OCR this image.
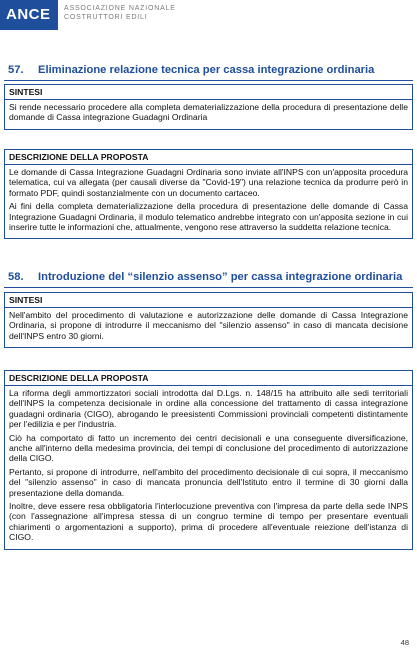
ANCE	ASSOCIAZIONE NAZIONALE
COSTRUTTORI EDILI
57. Eliminazione relazione tecnica per cassa integrazione ordinaria
SINTESI

Si rende necessario procedere alla completa dematerializzazione della procedura di presentazione delle domande di Cassa integrazione Guadagni Ordinaria

DESCRIZIONE DELLA PROPOSTA

Le domande di Cassa Integrazione Guadagni Ordinaria sono inviate all'INPS con un'apposita procedura telematica, cui va allegata (per causali diverse da "Covid-19") una relazione tecnica da produrre però in formato PDF, quindi sostanzialmente con un documento cartaceo.

Ai fini della completa dematerializzazione della procedura di presentazione delle domande di Cassa Integrazione Guadagni Ordinaria, il modulo telematico andrebbe integrato con un'apposita sezione in cui inserire tutte le informazioni che, attualmente, vengono rese attraverso la suddetta relazione tecnica.

58. Introduzione del “silenzio assenso” per cassa integrazione ordinaria
SINTESI

Nell'ambito del procedimento di valutazione e autorizzazione delle domande di Cassa Integrazione Ordinaria, si propone di introdurre il meccanismo del "silenzio assenso" in caso di mancata decisione dell'INPS entro 30 giorni.

DESCRIZIONE DELLA PROPOSTA

La riforma degli ammortizzatori sociali introdotta dal D.Lgs. n. 148/15 ha attribuito alle sedi territoriali dell'INPS la competenza decisionale in ordine alla concessione del trattamento di cassa integrazione guadagni ordinaria (CIGO), abrogando le preesistenti Commissioni provinciali competenti distintamente per l'edilizia e per l'industria.

Ciò ha comportato di fatto un incremento dei centri decisionali e una conseguente diversificazione, anche all'interno della medesima provincia, dei tempi di conclusione del procedimento di autorizzazione della CIGO.

Pertanto, si propone di introdurre, nell'ambito del procedimento decisionale di cui sopra, il meccanismo del "silenzio assenso" in caso di mancata pronuncia dell'Istituto entro il termine di 30 giorni dalla presentazione della domanda.

Inoltre, deve essere resa obbligatoria l'interlocuzione preventiva con l'impresa da parte della sede INPS (con l'assegnazione all'impresa stessa di un congruo termine di tempo per presentare eventuali chiarimenti o argomentazioni a supporto), prima di procedere all'eventuale reiezione dell'istanza di CIGO.

48
